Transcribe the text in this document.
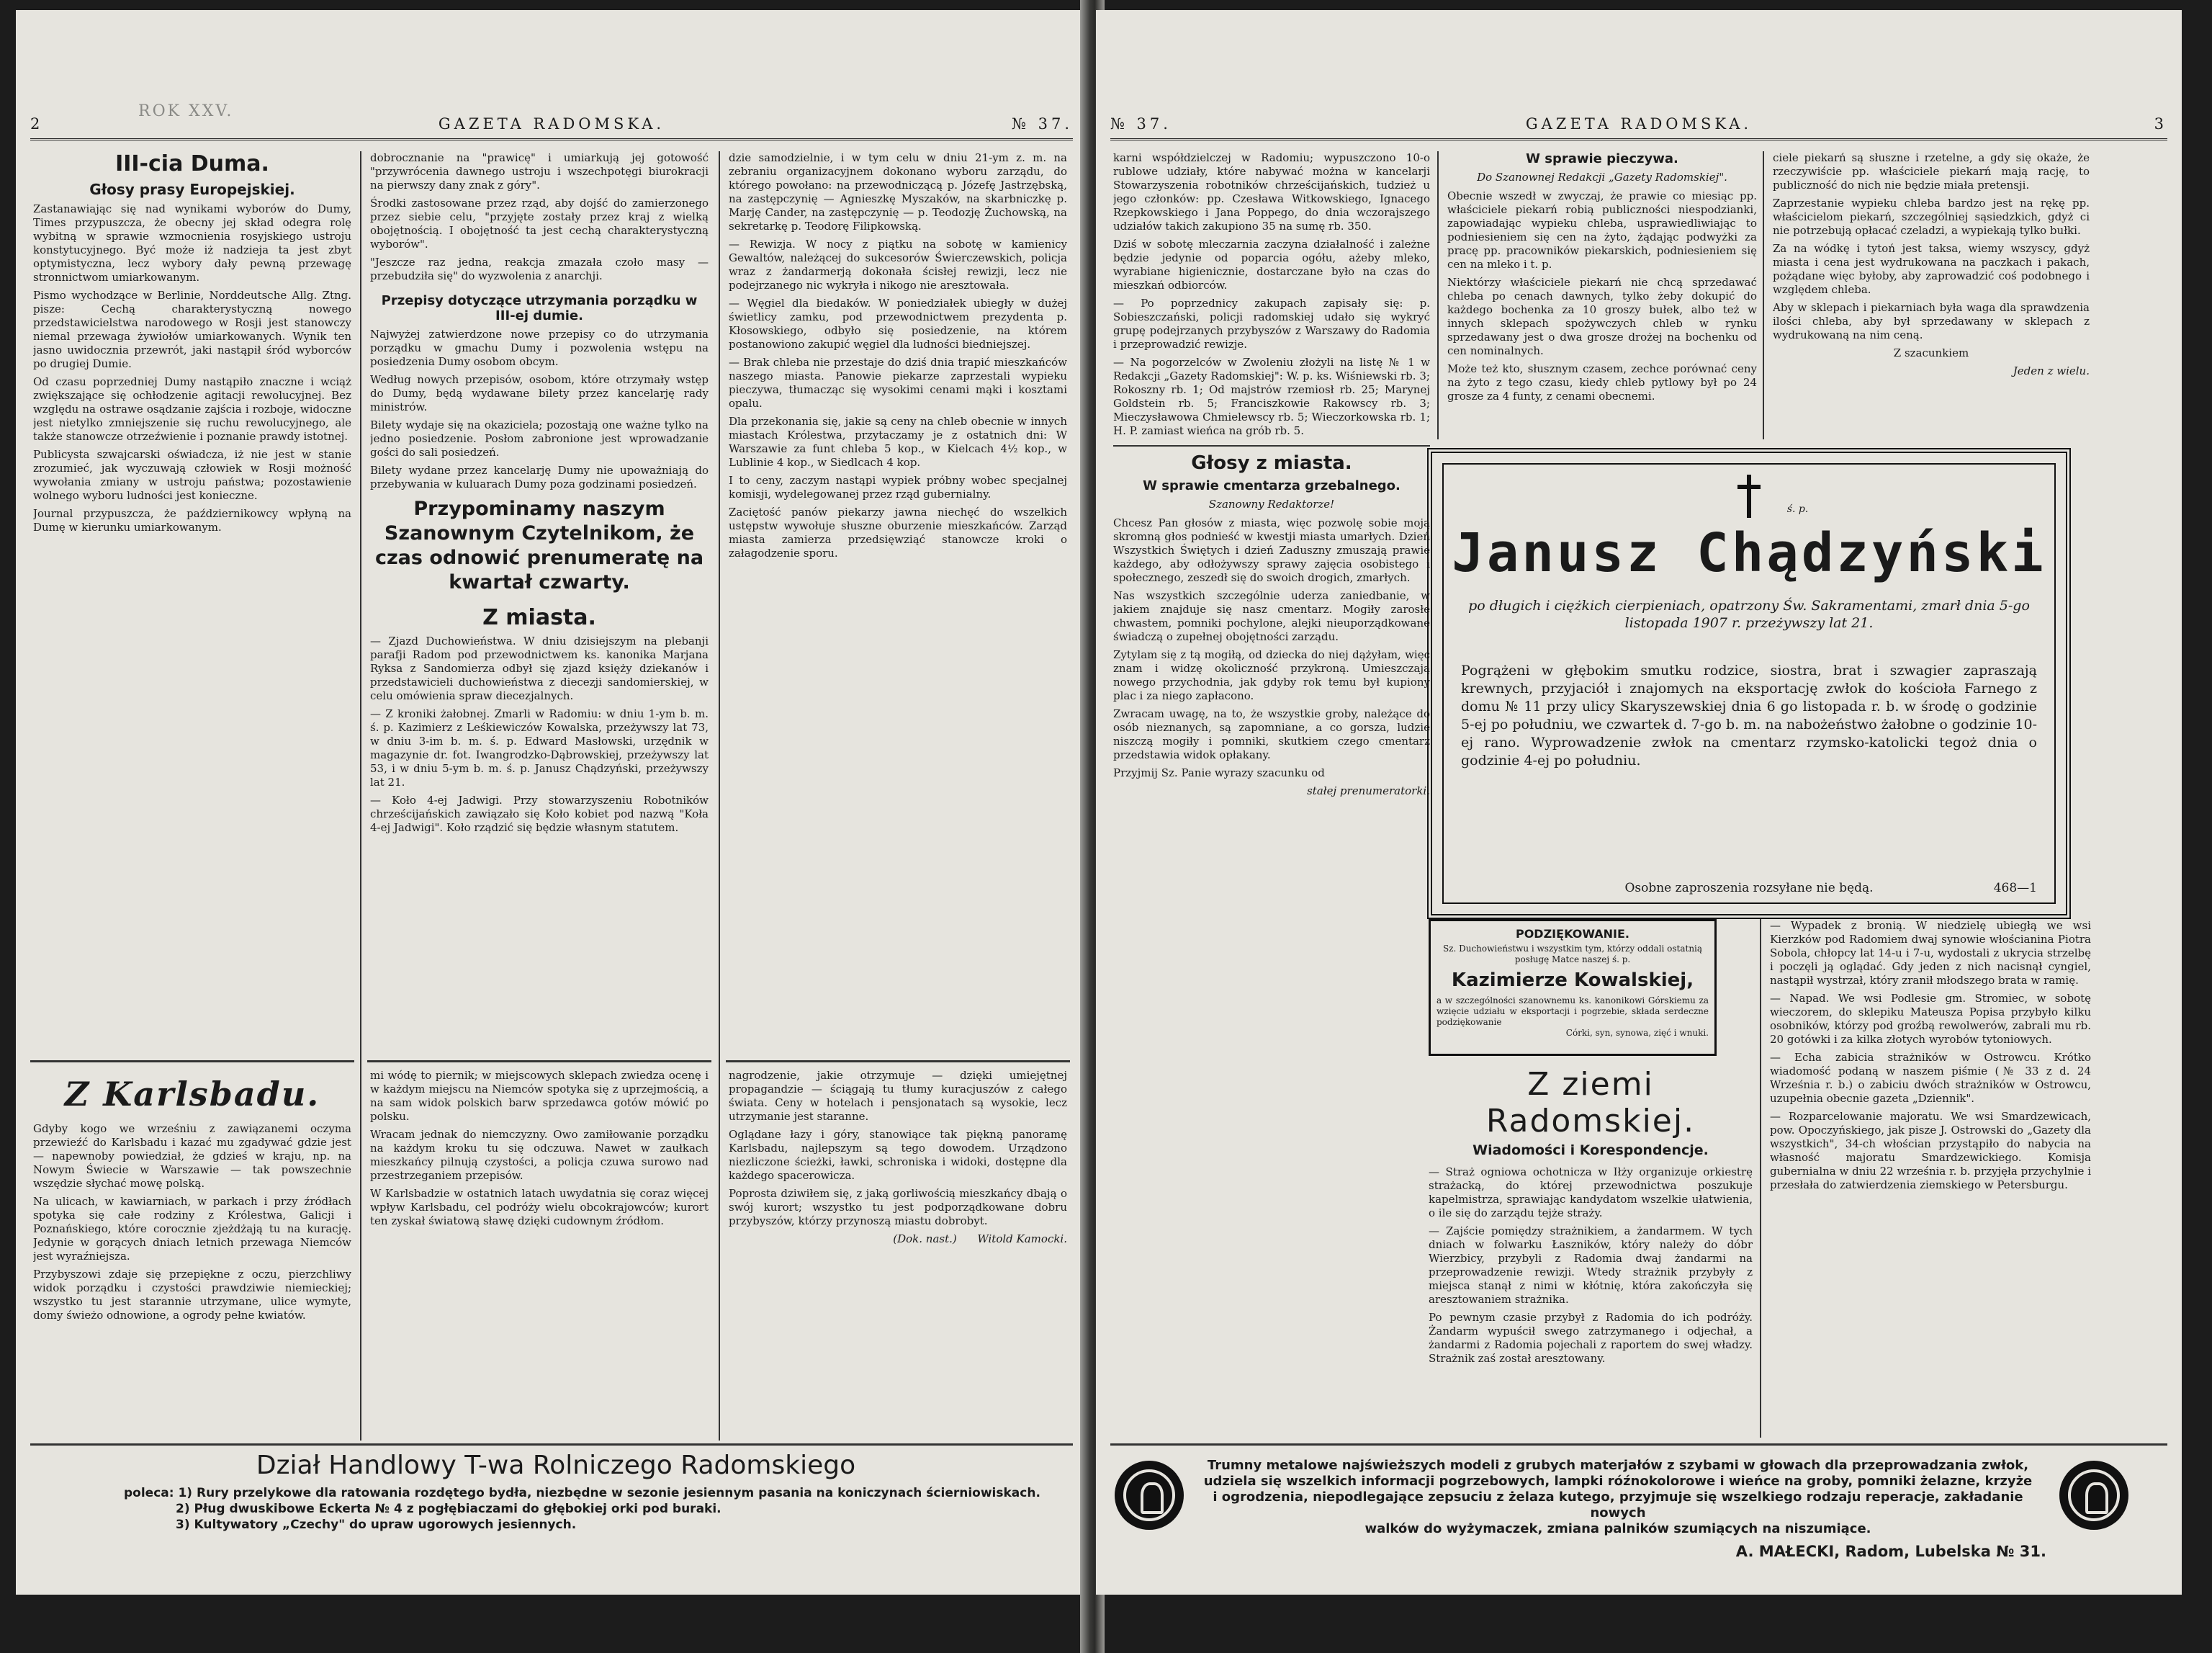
ROK XXV.
2	GAZETA RADOMSKA.	№ 37.

III-cia Duma.

Głosy prasy Europejskiej.

Zastanawiając się nad wynikami wyborów do Dumy, Times przypuszcza, że obecny jej skład odegra rolę wybitną w sprawie wzmocnienia rosyjskiego ustroju konstytucyjnego. Być może iż nadzieja ta jest zbyt optymistyczna, lecz wybory dały pewną przewagę stronnictwom umiarkowanym.

Pismo wychodzące w Berlinie, Norddeutsche Allg. Ztng. pisze: Cechą charakterystyczną nowego przedstawicielstwa narodowego w Rosji jest stanowczy niemal przewaga żywiołów umiarkowanych. Wynik ten jasno uwidocznia przewrót, jaki nastąpił śród wyborców po drugiej Dumie.

Od czasu poprzedniej Dumy nastąpiło znaczne i wciąż zwiększające się ochłodzenie agitacji rewolucyjnej. Bez względu na ostrawe osądzanie zajścia i rozboje, widoczne jest nietylko zmniejszenie się ruchu rewolucyjnego, ale także stanowcze otrzeźwienie i poznanie prawdy istotnej.

Publicysta szwajcarski oświadcza, iż nie jest w stanie zrozumieć, jak wyczuwają człowiek w Rosji możność wywołania zmiany w ustroju państwa; pozostawienie wolnego wyboru ludności jest konieczne.

Journal przypuszcza, że październikowcy wpłyną na Dumę w kierunku umiarkowanym.

Z Karlsbadu.

Gdyby kogo we wrześniu z zawiązanemi oczyma przewieźć do Karlsbadu i kazać mu zgadywać gdzie jest — napewnoby powiedział, że gdzieś w kraju, np. na Nowym Świecie w Warszawie — tak powszechnie wszędzie słychać mowę polską.

Na ulicach, w kawiarniach, w parkach i przy źródłach spotyka się całe rodziny z Królestwa, Galicji i Poznańskiego, które corocznie zjeżdżają tu na kurację. Jedynie w gorących dniach letnich przewaga Niemców jest wyraźniejsza.

Przybyszowi zdaje się przepiękne z oczu, pierzchliwy widok porządku i czystości prawdziwie niemieckiej; wszystko tu jest starannie utrzymane, ulice wymyte, domy świeżo odnowione, a ogrody pełne kwiatów.

dobrocznanie na "prawicę" i umiarkują jej gotowość "przywrócenia dawnego ustroju i wszechpotęgi biurokracji na pierwszy dany znak z góry".

Środki zastosowane przez rząd, aby dojść do zamierzonego przez siebie celu, "przyjęte zostały przez kraj z wielką obojętnością. I obojętność ta jest cechą charakterystyczną wyborów".

"Jeszcze raz jedna, reakcja zmazała czoło masy — przebudziła się" do wyzwolenia z anarchji.

Przepisy dotyczące utrzymania porządku w III-ej dumie.

Najwyżej zatwierdzone nowe przepisy co do utrzymania porządku w gmachu Dumy i pozwolenia wstępu na posiedzenia Dumy osobom obcym.

Według nowych przepisów, osobom, które otrzymały wstęp do Dumy, będą wydawane bilety przez kancelarję rady ministrów.

Bilety wydaje się na okaziciela; pozostają one ważne tylko na jedno posiedzenie. Posłom zabronione jest wprowadzanie gości do sali posiedzeń.

Bilety wydane przez kancelarję Dumy nie upoważniają do przebywania w kuluarach Dumy poza godzinami posiedzeń.

Przypominamy naszym Szanownym Czytelnikom, że czas odnowić prenumeratę na kwartał czwarty.

Z miasta.

— Zjazd Duchowieństwa. W dniu dzisiejszym na plebanji parafji Radom pod przewodnictwem ks. kanonika Marjana Ryksa z Sandomierza odbył się zjazd księży dziekanów i przedstawicieli duchowieństwa z diecezji sandomierskiej, w celu omówienia spraw diecezjalnych.

— Z kroniki żałobnej. Zmarli w Radomiu: w dniu 1-ym b. m. ś. p. Kazimierz z Leśkiewiczów Kowalska, przeżywszy lat 73, w dniu 3-im b. m. ś. p. Edward Masłowski, urzędnik w magazynie dr. fot. Iwangrodzko-Dąbrowskiej, przeżywszy lat 53, i w dniu 5-ym b. m. ś. p. Janusz Chądzyński, przeżywszy lat 21.

— Koło 4-ej Jadwigi. Przy stowarzyszeniu Robotników chrześcijańskich zawiązało się Koło kobiet pod nazwą "Koła 4-ej Jadwigi". Koło rządzić się będzie własnym statutem.

mi wódę to piernik; w miejscowych sklepach zwiedza ocenę i w każdym miejscu na Niemców spotyka się z uprzejmością, a na sam widok polskich barw sprzedawca gotów mówić po polsku.

Wracam jednak do niemczyzny. Owo zamiłowanie porządku na każdym kroku tu się odczuwa. Nawet w zaułkach mieszkańcy pilnują czystości, a policja czuwa surowo nad przestrzeganiem przepisów.

W Karlsbadzie w ostatnich latach uwydatnia się coraz więcej wpływ Karlsbadu, cel podróży wielu obcokrajowców; kurort ten zyskał światową sławę dzięki cudownym źródłom.

dzie samodzielnie, i w tym celu w dniu 21-ym z. m. na zebraniu organizacyjnem dokonano wyboru zarządu, do którego powołano: na przewodniczącą p. Józefę Jastrzębską, na zastępczynię — Agnieszkę Myszaków, na skarbniczkę p. Marję Cander, na zastępczynię — p. Teodozję Żuchowską, na sekretarkę p. Teodorę Filipkowską.

— Rewizja. W nocy z piątku na sobotę w kamienicy Gewaltów, należącej do sukcesorów Świerczewskich, policja wraz z żandarmerją dokonała ścisłej rewizji, lecz nie podejrzanego nic wykryła i nikogo nie aresztowała.

— Węgiel dla biedaków. W poniedziałek ubiegły w dużej świetlicy zamku, pod przewodnictwem prezydenta p. Kłosowskiego, odbyło się posiedzenie, na którem postanowiono zakupić węgiel dla ludności biedniejszej.

— Brak chleba nie przestaje do dziś dnia trapić mieszkańców naszego miasta. Panowie piekarze zaprzestali wypieku pieczywa, tłumacząc się wysokimi cenami mąki i kosztami opalu.

Dla przekonania się, jakie są ceny na chleb obecnie w innych miastach Królestwa, przytaczamy je z ostatnich dni: W Warszawie za funt chleba 5 kop., w Kielcach 4½ kop., w Lublinie 4 kop., w Siedlcach 4 kop.

I to ceny, zaczym nastąpi wypiek próbny wobec specjalnej komisji, wydelegowanej przez rząd gubernialny.

Zaciętość panów piekarzy jawna niechęć do wszelkich ustępstw wywołuje słuszne oburzenie mieszkańców. Zarząd miasta zamierza przedsięwziąć stanowcze kroki o załagodzenie sporu.

nagrodzenie, jakie otrzymuje — dzięki umiejętnej propagandzie — ściągają tu tłumy kuracjuszów z całego świata. Ceny w hotelach i pensjonatach są wysokie, lecz utrzymanie jest staranne.

Oglądane łazy i góry, stanowiące tak piękną panoramę Karlsbadu, najlepszym są tego dowodem. Urządzono niezliczone ścieżki, ławki, schroniska i widoki, dostępne dla każdego spacerowicza.

Poprosta dziwiłem się, z jaką gorliwością mieszkańcy dbają o swój kurort; wszystko tu jest podporządkowane dobru przybyszów, którzy przynoszą miastu dobrobyt.

(Dok. nast.) Witold Kamocki.

Dział Handlowy T-wa Rolniczego Radomskiego

poleca: 1) Rury przelykowe dla ratowania rozdętego bydła, niezbędne w sezonie jesiennym pasania na koniczynach ścierniowiskach.

2) Pług dwuskibowe Eckerta № 4 z pogłębiaczami do głębokiej orki pod buraki.

3) Kultywatory „Czechy" do upraw ugorowych jesiennych.

№ 37.	GAZETA RADOMSKA.	3

karni współdzielczej w Radomiu; wypuszczono 10-o rublowe udziały, które nabywać można w kancelarji Stowarzyszenia robotników chrześcijańskich, tudzież u jego członków: pp. Czesława Witkowskiego, Ignacego Rzepkowskiego i Jana Poppego, do dnia wczorajszego udziałów takich zakupiono 35 na sumę rb. 350.

Dziś w sobotę mleczarnia zaczyna działalność i zależne będzie jedynie od poparcia ogółu, ażeby mleko, wyrabiane higienicznie, dostarczane było na czas do mieszkań odbiorców.

— Po poprzednicy zakupach zapisały się: p. Sobieszczański, policji radomskiej udało się wykryć grupę podejrzanych przybyszów z Warszawy do Radomia i przeprowadzić rewizje.

— Na pogorzelców w Zwoleniu złożyli na listę № 1 w Redakcji „Gazety Radomskiej": W. p. ks. Wiśniewski rb. 3; Rokoszny rb. 1; Od majstrów rzemiosł rb. 25; Marynej Goldstein rb. 5; Franciszkowie Rakowscy rb. 3; Mieczysławowa Chmielewscy rb. 5; Wieczorkowska rb. 1; H. P. zamiast wieńca na grób rb. 5.

Głosy z miasta.

W sprawie cmentarza grzebalnego.

Szanowny Redaktorze!

Chcesz Pan głosów z miasta, więc pozwolę sobie moją skromną głos podnieść w kwestji miasta umarłych. Dzień Wszystkich Świętych i dzień Zaduszny zmuszają prawie każdego, aby odłożywszy sprawy zajęcia osobistego i społecznego, zeszedł się do swoich drogich, zmarłych.

Nas wszystkich szczególnie uderza zaniedbanie, w jakiem znajduje się nasz cmentarz. Mogiły zarosłe chwastem, pomniki pochylone, alejki nieuporządkowane świadczą o zupełnej obojętności zarządu.

Zytylam się z tą mogiłą, od dziecka do niej dążyłam, więc znam i widzę okoliczność przykroną. Umieszczają nowego przychodnia, jak gdyby rok temu był kupiony plac i za niego zapłacono.

Zwracam uwagę, na to, że wszystkie groby, należące do osób nieznanych, są zapomniane, a co gorsza, ludzie niszczą mogiły i pomniki, skutkiem czego cmentarz przedstawia widok opłakany.

Przyjmij Sz. Panie wyrazy szacunku od

stałej prenumeratorki.

W sprawie pieczywa.

Do Szanownej Redakcji „Gazety Radomskiej".

Obecnie wszedł w zwyczaj, że prawie co miesiąc pp. właściciele piekarń robią publiczności niespodzianki, zapowiadając wypieku chleba, usprawiedliwiając to podniesieniem się cen na żyto, żądając podwyżki za pracę pp. pracowników piekarskich, podniesieniem się cen na mleko i t. p.

Niektórzy właściciele piekarń nie chcą sprzedawać chleba po cenach dawnych, tylko żeby dokupić do każdego bochenka za 10 groszy bułek, albo też w innych sklepach spożywczych chleb w rynku sprzedawany jest o dwa grosze drożej na bochenku od cen nominalnych.

Może też kto, słusznym czasem, zechce porównać ceny na żyto z tego czasu, kiedy chleb pytlowy był po 24 grosze za 4 funty, z cenami obecnemi.

ciele piekarń są słuszne i rzetelne, a gdy się okaże, że rzeczywiście pp. właściciele piekarń mają rację, to publiczność do nich nie będzie miała pretensji.

Zaprzestanie wypieku chleba bardzo jest na rękę pp. właścicielom piekarń, szczególniej sąsiedzkich, gdyż ci nie potrzebują opłacać czeladzi, a wypiekają tylko bułki.

Za na wódkę i tytoń jest taksa, wiemy wszyscy, gdyż miasta i cena jest wydrukowana na paczkach i pakach, pożądane więc byłoby, aby zaprowadzić coś podobnego i względem chleba.

Aby w sklepach i piekarniach była waga dla sprawdzenia ilości chleba, aby był sprzedawany w sklepach z wydrukowaną na nim ceną.

Z szacunkiem

Jeden z wielu.

ś. p.
Janusz Chądzyński
po długich i ciężkich cierpieniach, opatrzony Św. Sakramentami, zmarł dnia 5-go listopada 1907 r. przeżywszy lat 21.
Pogrążeni w głębokim smutku rodzice, siostra, brat i szwagier zapraszają krewnych, przyjaciół i znajomych na eksportację zwłok do kościoła Farnego z domu № 11 przy ulicy Skaryszewskiej dnia 6 go listopada r. b. w środę o godzinie 5-ej po południu, we czwartek d. 7-go b. m. na nabożeństwo żałobne o godzinie 10-ej rano. Wyprowadzenie zwłok na cmentarz rzymsko-katolicki tegoż dnia o godzinie 4-ej po południu.
Osobne zaproszenia rozsyłane nie będą.	468—1

PODZIĘKOWANIE.

Sz. Duchowieństwu i wszystkim tym, którzy oddali ostatnią posługę Matce naszej ś. p.

Kazimierze Kowalskiej,

a w szczególności szanownemu ks. kanonikowi Górskiemu za wzięcie udziału w eksportacji i pogrzebie, składa serdeczne podziękowanie

Córki, syn, synowa, zięć i wnuki.

Z ziemi Radomskiej.

Wiadomości i Korespondencje.

— Straż ogniowa ochotnicza w Iłży organizuje orkiestrę strażacką, do której przewodnictwa poszukuje kapelmistrza, sprawiając kandydatom wszelkie ułatwienia, o ile się do zarządu tejże straży.

— Zajście pomiędzy strażnikiem, a żandarmem. W tych dniach w folwarku Łaszników, który należy do dóbr Wierzbicy, przybyli z Radomia dwaj żandarmi na przeprowadzenie rewizji. Wtedy strażnik przybyły z miejsca stanął z nimi w kłótnię, która zakończyła się aresztowaniem strażnika.

Po pewnym czasie przybył z Radomia do ich podróży. Żandarm wypuścił swego zatrzymanego i odjechał, a żandarmi z Radomia pojechali z raportem do swej władzy. Strażnik zaś został aresztowany.

— Wypadek z bronią. W niedzielę ubiegłą we wsi Kierzków pod Radomiem dwaj synowie włościanina Piotra Sobola, chłopcy lat 14-u i 7-u, wydostali z ukrycia strzelbę i poczęli ją oglądać. Gdy jeden z nich nacisnął cyngiel, nastąpił wystrzał, który zranił młodszego brata w ramię.

— Napad. We wsi Podlesie gm. Stromiec, w sobotę wieczorem, do sklepiku Mateusza Popisa przybyło kilku osobników, którzy pod groźbą rewolwerów, zabrali mu rb. 20 gotówki i za kilka złotych wyrobów tytoniowych.

— Echa zabicia strażników w Ostrowcu. Krótko wiadomość podaną w naszem piśmie (№ 33 z d. 24 Września r. b.) o zabiciu dwóch strażników w Ostrowcu, uzupełnia obecnie gazeta „Dziennik".

— Rozparcelowanie majoratu. We wsi Smardzewicach, pow. Opoczyńskiego, jak pisze J. Ostrowski do „Gazety dla wszystkich", 34-ch włościan przystąpiło do nabycia na własność majoratu Smardzewickiego. Komisja gubernialna w dniu 22 września r. b. przyjęła przychylnie i przesłała do zatwierdzenia ziemskiego w Petersburgu.

Trumny metalowe najświeższych modeli z grubych materjałów z szybami w głowach dla przeprowadzania zwłok,

udziela się wszelkich informacji pogrzebowych, lampki róźnokolorowe i wieńce na groby, pomniki żelazne, krzyże

i ogrodzenia, niepodlegające zepsuciu z żelaza kutego, przyjmuje się wszelkiego rodzaju reperacje, zakładanie nowych

walków do wyżymaczek, zmiana palników szumiących na niszumiące.

A. MAŁECKI, Radom, Lubelska № 31.
